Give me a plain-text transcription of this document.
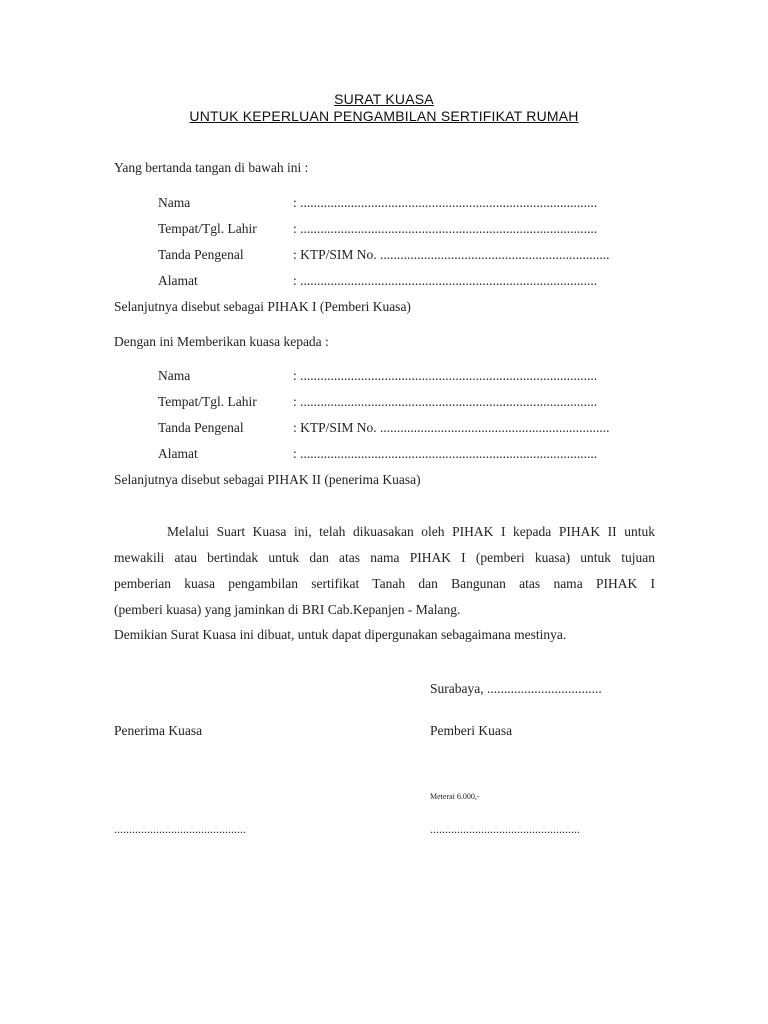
SURAT KUASA
UNTUK KEPERLUAN PENGAMBILAN SERTIFIKAT RUMAH
Yang bertanda tangan di bawah ini :
Nama	: ........................................................................................
Tempat/Tgl. Lahir	: ........................................................................................
Tanda Pengenal	: KTP/SIM No. ....................................................................
Alamat	: ........................................................................................
Selanjutnya disebut sebagai PIHAK I (Pemberi Kuasa)
Dengan ini Memberikan kuasa kepada :
Nama	: ........................................................................................
Tempat/Tgl. Lahir	: ........................................................................................
Tanda Pengenal	: KTP/SIM No. ....................................................................
Alamat	: ........................................................................................
Selanjutnya disebut sebagai PIHAK II (penerima Kuasa)
Melalui Suart Kuasa ini, telah dikuasakan oleh PIHAK I kepada PIHAK II untuk
mewakili atau bertindak untuk dan atas nama PIHAK I (pemberi kuasa) untuk tujuan
pemberian kuasa pengambilan sertifikat Tanah dan Bangunan atas nama PIHAK I
(pemberi kuasa) yang jaminkan di BRI Cab.Kepanjen - Malang.
Demikian Surat Kuasa ini dibuat, untuk dapat dipergunakan sebagaimana mestinya.
Surabaya, ..................................
Penerima Kuasa	Pemberi Kuasa
Meterai 6.000,-
............................................	..................................................
